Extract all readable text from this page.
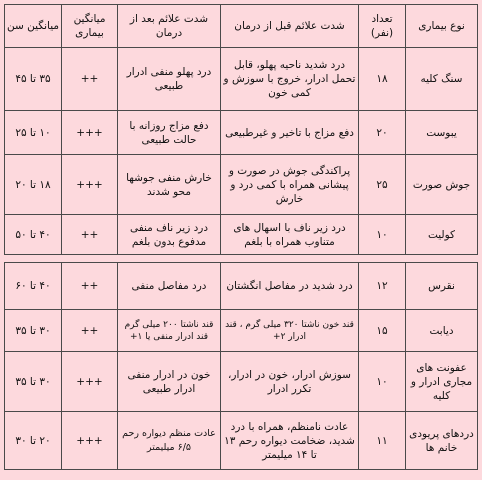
نوع بیماری	تعداد (نفر)	شدت علائم قبل از درمان	شدت علائم بعد از درمان	میانگین بیماری	میانگین سن
سنگ کلیه	۱۸	درد شدید ناحیه پهلو، قابل تحمل ادرار، خروج با سوزش و کمی خون	درد پهلو منفی ادرار طبیعی	++	۳۵ تا ۴۵
یبوست	۲۰	دفع مزاج با تاخیر و غیرطبیعی	دفع مزاج روزانه با حالت طبیعی	+++	۱۰ تا ۲۵
جوش صورت	۲۵	پراکندگی جوش در صورت و پیشانی همراه با کمی درد و خارش	خارش منفی جوشها محو شدند	+++	۱۸ تا ۲۰
کولیت	۱۰	درد زیر ناف با اسهال های متناوب همراه با بلغم	درد زیر ناف منفی مدفوع بدون بلغم	++	۴۰ تا ۵۰
نقرس	۱۲	درد شدید در مفاصل انگشتان	درد مفاصل منفی	++	۴۰ تا ۶۰
دیابت	۱۵	قند خون ناشتا ۳۲۰ میلی گرم ، قند ادرار ۲+	قند ناشتا ۲۰۰ میلی گرم قند ادرار منفی یا ۱+	++	۳۰ تا ۳۵
عفونت های مجاری ادرار و کلیه	۱۰	سوزش ادرار، خون در ادرار، تکرر ادرار	خون در ادرار منفی ادرار طبیعی	+++	۳۰ تا ۳۵
دردهای پریودی خانم ها	۱۱	عادت نامنظم، همراه با درد شدید، ضخامت دیواره رحم ۱۳ تا ۱۴ میلیمتر	عادت منظم دیواره رحم ۶/۵ میلیمتر	+++	۲۰ تا ۳۰
